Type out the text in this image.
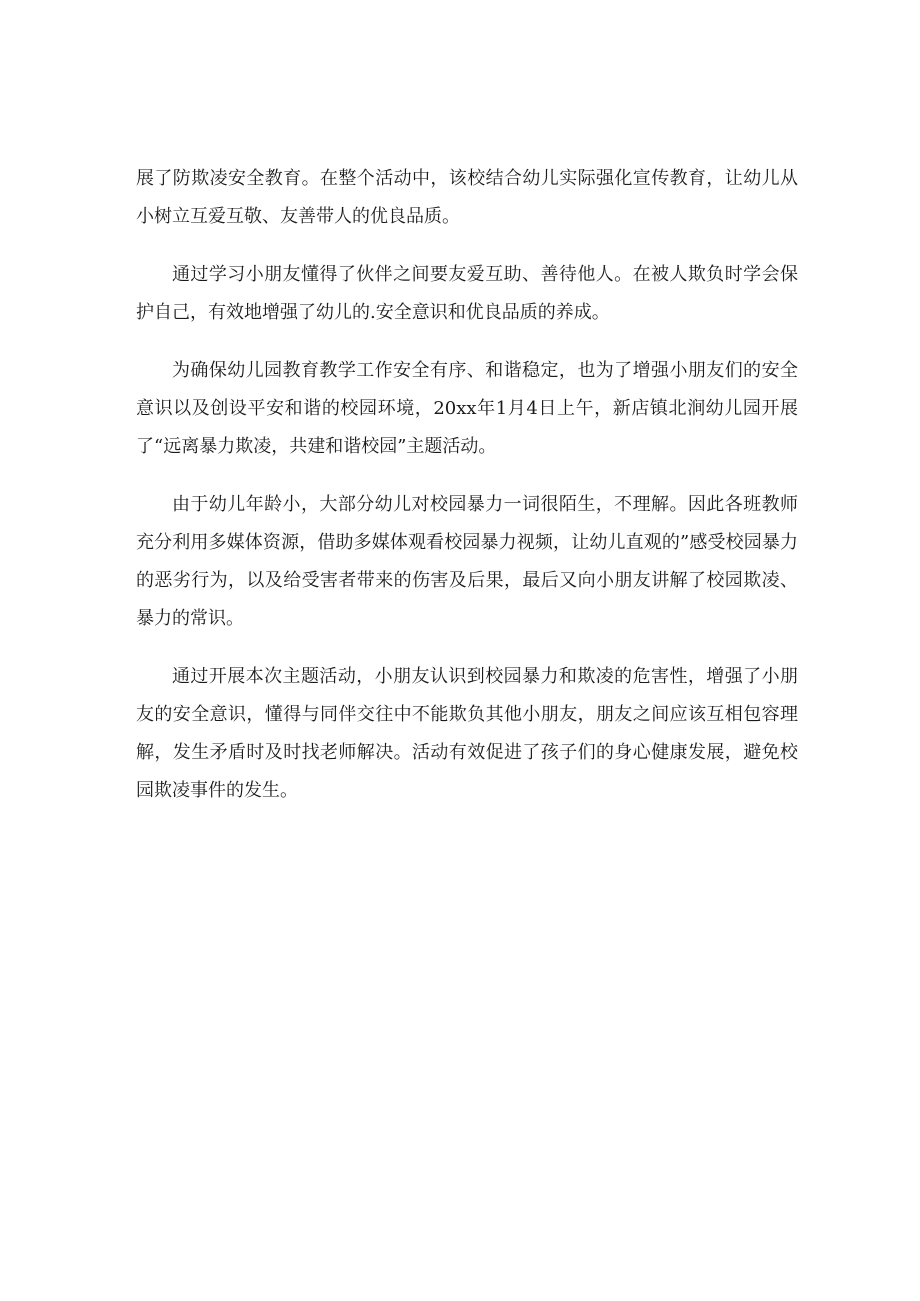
展了防欺凌安全教育。在整个活动中，该校结合幼儿实际强化宣传教育，让幼儿从小树立互爱互敬、友善带人的优良品质。

通过学习小朋友懂得了伙伴之间要友爱互助、善待他人。在被人欺负时学会保护自己，有效地增强了幼儿的.安全意识和优良品质的养成。

为确保幼儿园教育教学工作安全有序、和谐稳定，也为了增强小朋友们的安全意识以及创设平安和谐的校园环境，20xx年1月4日上午，新店镇北涧幼儿园开展了“远离暴力欺凌，共建和谐校园”主题活动。

由于幼儿年龄小，大部分幼儿对校园暴力一词很陌生，不理解。因此各班教师充分利用多媒体资源，借助多媒体观看校园暴力视频，让幼儿直观的”感受校园暴力的恶劣行为，以及给受害者带来的伤害及后果，最后又向小朋友讲解了校园欺凌、暴力的常识。

通过开展本次主题活动，小朋友认识到校园暴力和欺凌的危害性，增强了小朋友的安全意识，懂得与同伴交往中不能欺负其他小朋友，朋友之间应该互相包容理解，发生矛盾时及时找老师解决。活动有效促进了孩子们的身心健康发展，避免校园欺凌事件的发生。
